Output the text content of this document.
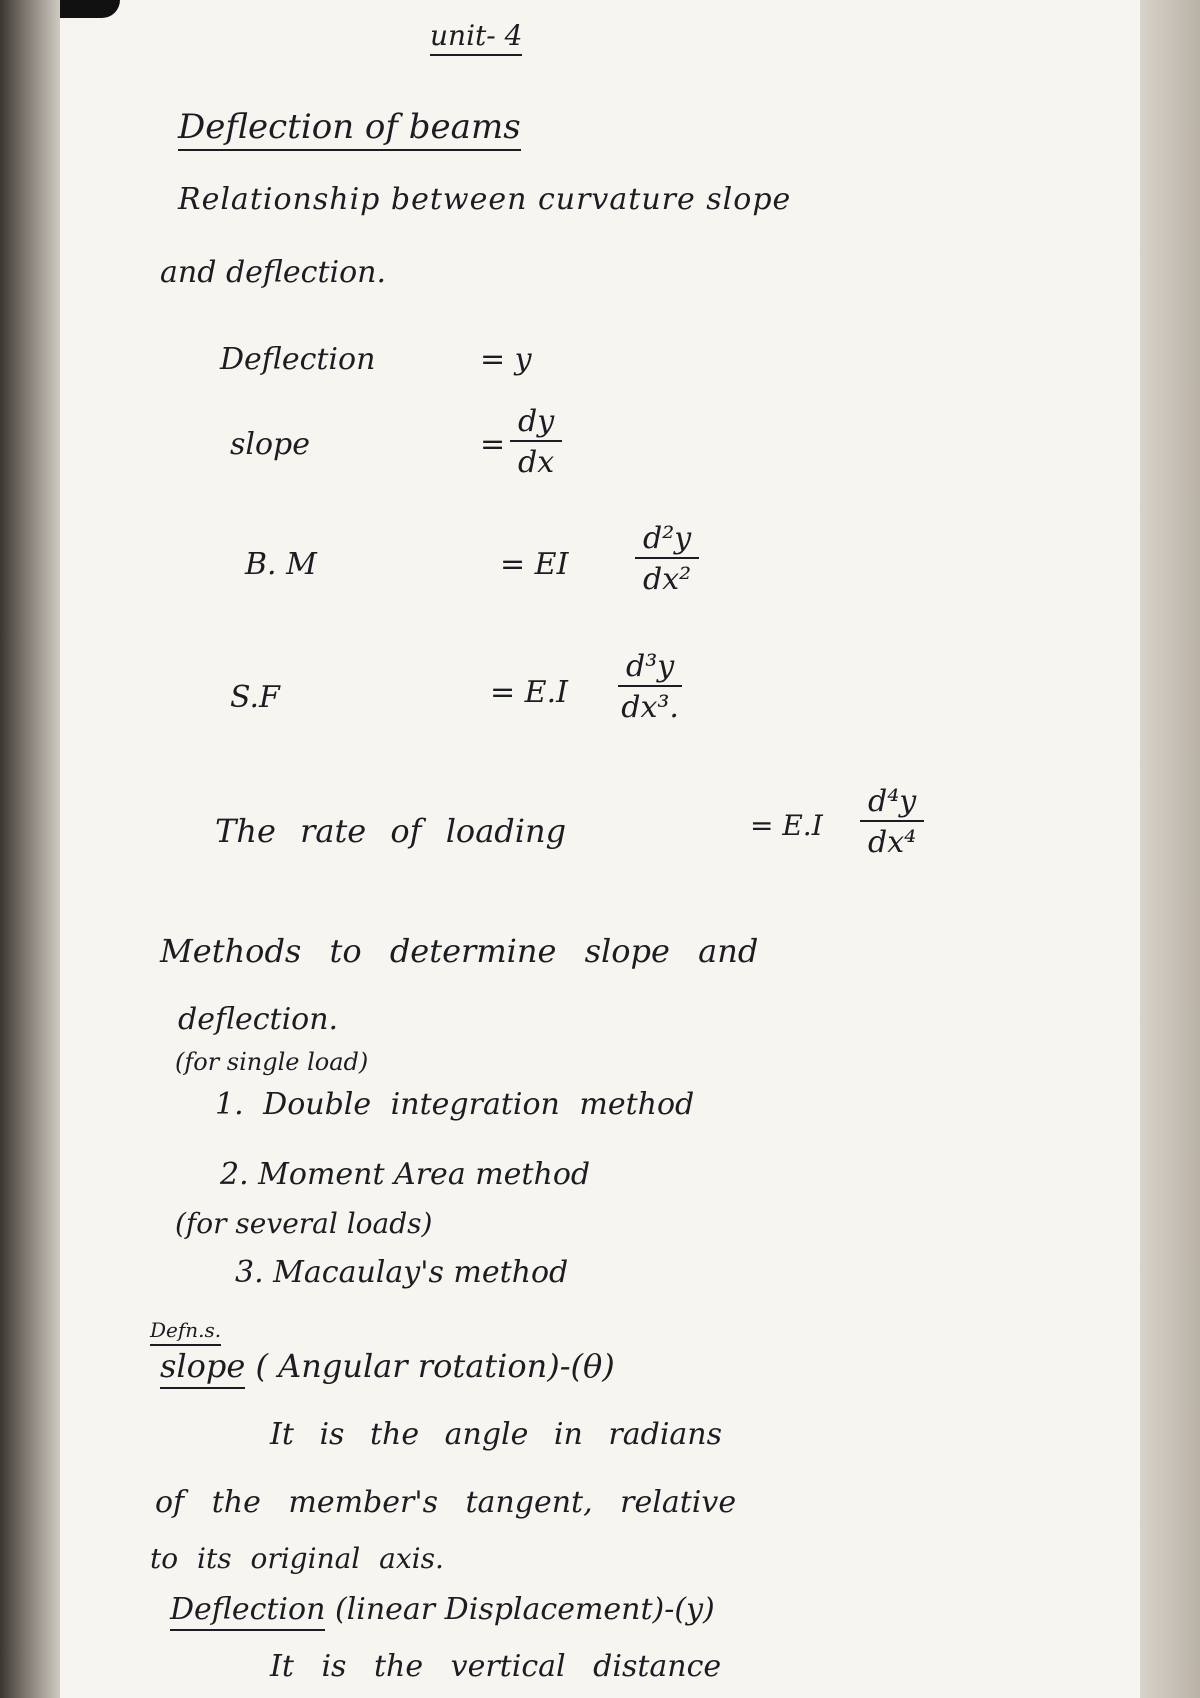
unit- 4
Deflection of beams
Relationship between curvature slope
and deflection.
Deflection	= y
slope	= $\frac{dy}{dx}$
B. M	= EI $\frac{\text{d²y}}{\text{dx²}}$
S.F	= $E.I \frac{\text{d³y}}{\text{dx³.}}$
The rate of loading	= $E.I \frac{\text{d⁴y}}{\text{dx⁴}}$
Methods to determine slope and
deflection.
(for single load)
1. Double integration method
2. Moment Area method
(for several loads)
3. Macaulay's method
Defn.s.
slope ( Angular rotation)-(θ)
It is the angle in radians
of the member's tangent, relative
to its original axis.
Deflection (linear Displacement)-(y)
It is the vertical distance
